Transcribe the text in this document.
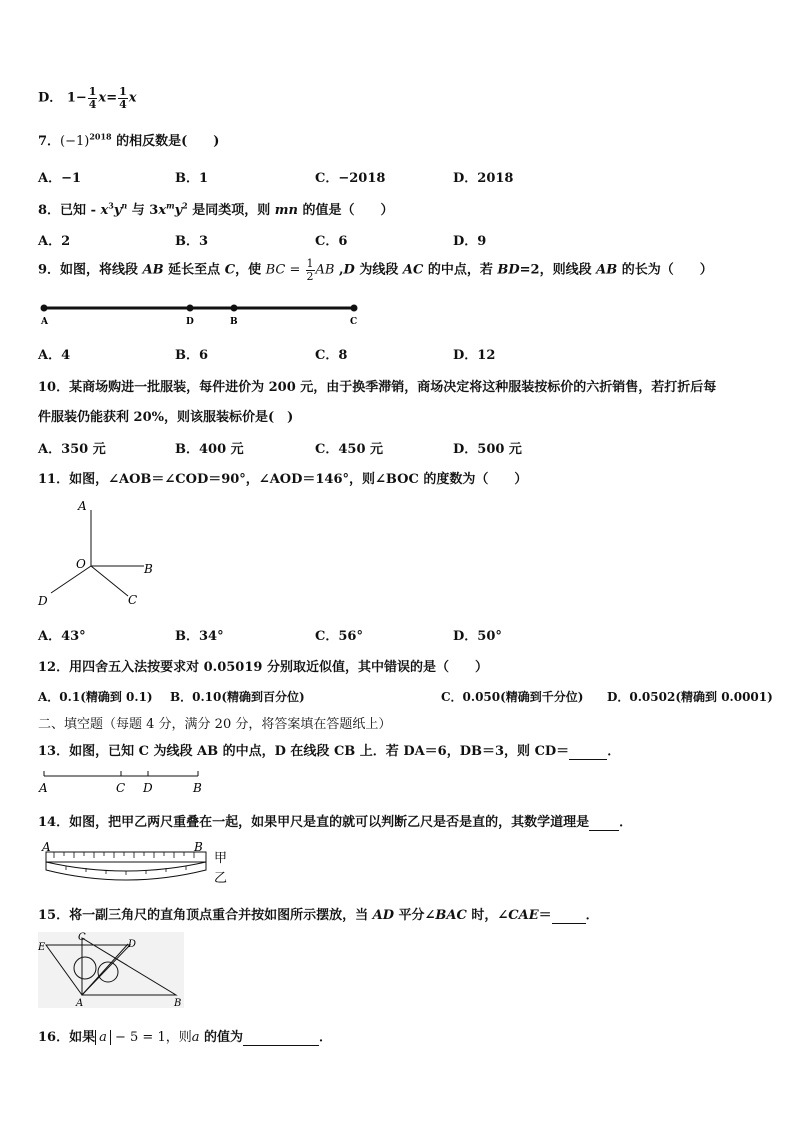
D． $1- \frac{1}{4} x= \frac{1}{4}$ x
7．$(-1)^{2018}$ 的相反数是(　　)
A．−1	B．1	C．−2018	D．2018
8．已知 - $x^3y^n$ 与 $3x^my^2$ 是同类项，则 mn 的值是（　　）
A．2	B．3	C．6	D．9
9．如图，将线段 AB 延长至点 C，使 BC = $\frac{1}{2}$ AB ,D 为线段 AC 的中点，若 BD=2，则线段 AB 的长为（　　）
A	D	B	C
A．4	B．6	C．8	D．12
10．某商场购进一批服装，每件进价为 200 元，由于换季滞销，商场决定将这种服装按标价的六折销售，若打折后每
件服装仍能获利 20%，则该服装标价是(　)
A．350 元	B．400 元	C．450 元	D．500 元
11．如图，∠AOB＝∠COD＝90°，∠AOD＝146°，则∠BOC 的度数为（　　）
A
O	B
D	C
A．43°	B．34°	C．56°	D．50°
12．用四舍五入法按要求对 0.05019 分别取近似值，其中错误的是（　　）
A．0.1(精确到 0.1) B．0.10(精确到百分位)	C．0.050(精确到千分位) D．0.0502(精确到 0.0001)
二、填空题（每题 4 分，满分 20 分，将答案填在答题纸上）
13．如图，已知 C 为线段 AB 的中点，D 在线段 CB 上．若 DA＝6，DB＝3，则 CD＝	．
A	C D	B
14．如图，把甲乙两尺重叠在一起，如果甲尺是直的就可以判断乙尺是否是直的，其数学道理是 ．
A	B
甲
乙
15．将一副三角尺的直角顶点重合并按如图所示摆放，当 AD 平分∠BAC 时，∠CAE＝	．
E
C
D
A	B
16．如果 a − 5 = 1，则a 的值为	．
